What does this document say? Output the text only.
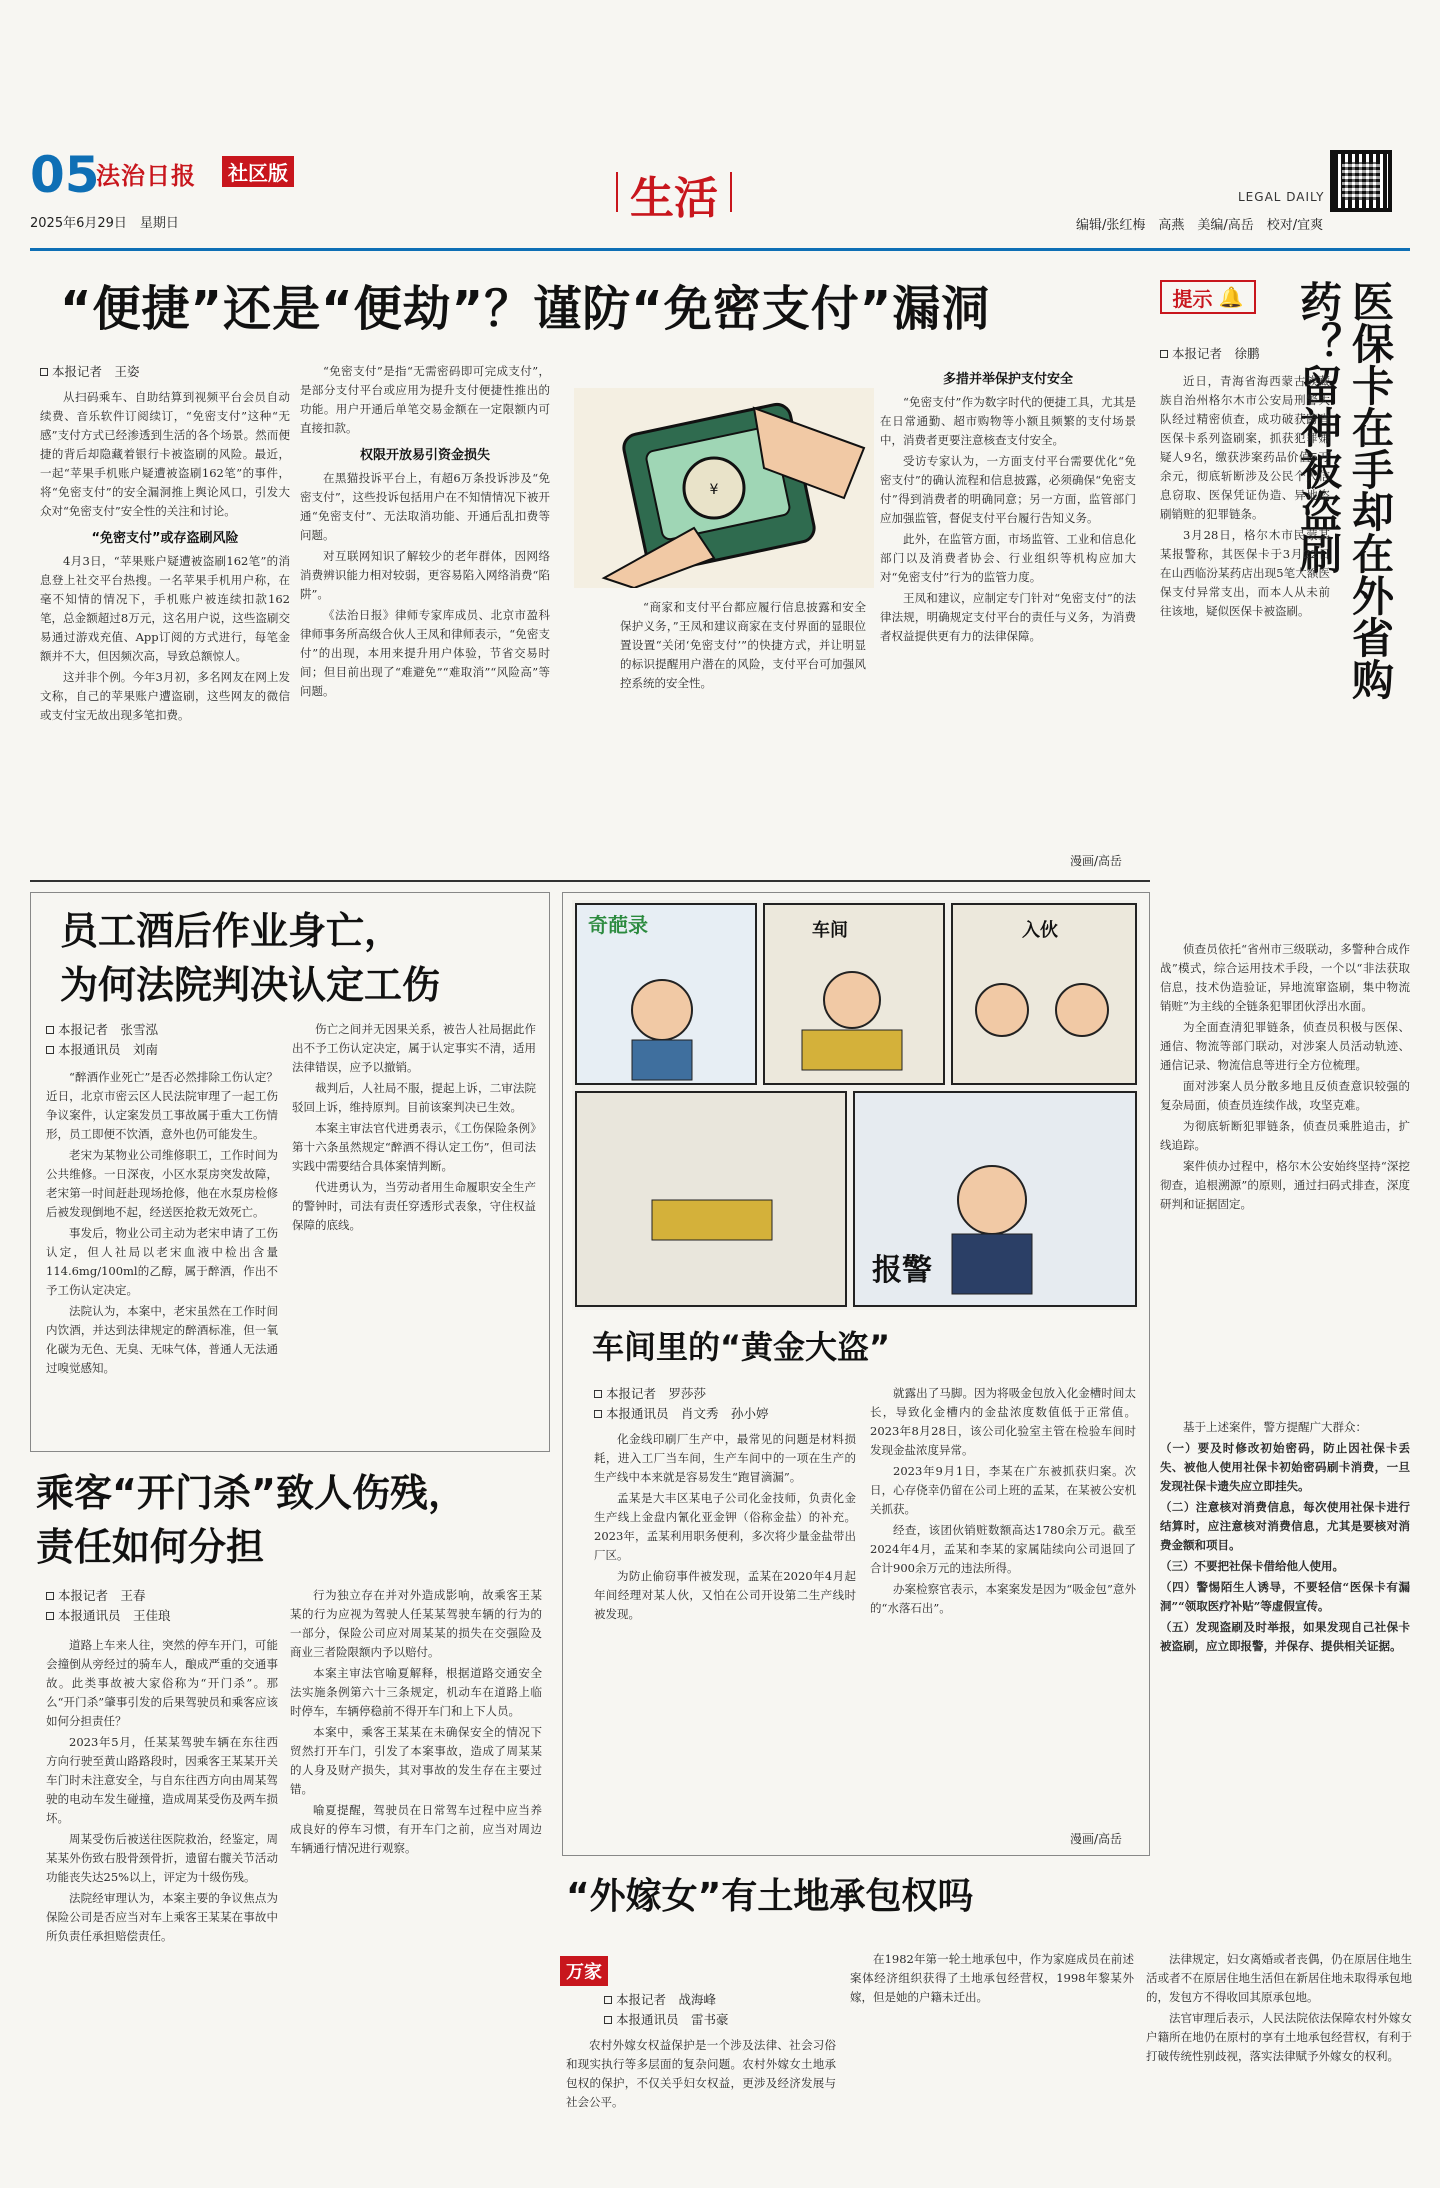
05
法治日报	社区版
2025年6月29日　星期日	生活	LEGAL DAILY
编辑/张红梅　高燕　美编/高岳　校对/宜爽
“便捷”还是“便劫”？谨防“免密支付”漏洞
本报记者　王姿

从扫码乘车、自助结算到视频平台会员自动续费、音乐软件订阅续订，“免密支付”这种“无感”支付方式已经渗透到生活的各个场景。然而便捷的背后却隐藏着银行卡被盗刷的风险。最近，一起“苹果手机账户疑遭被盗刷162笔”的事件，将“免密支付”的安全漏洞推上舆论风口，引发大众对“免密支付”安全性的关注和讨论。

“免密支付”或存盗刷风险

4月3日，“苹果账户疑遭被盗刷162笔”的消息登上社交平台热搜。一名苹果手机用户称，在毫不知情的情况下，手机账户被连续扣款162笔，总金额超过8万元，这名用户说，这些盗刷交易通过游戏充值、App订阅的方式进行，每笔金额并不大，但因频次高，导致总额惊人。

这并非个例。今年3月初，多名网友在网上发文称，自己的苹果账户遭盗刷，这些网友的微信或支付宝无故出现多笔扣费。

“免密支付”是指“无需密码即可完成支付”，是部分支付平台或应用为提升支付便捷性推出的功能。用户开通后单笔交易金额在一定限额内可直接扣款。

权限开放易引资金损失

在黑猫投诉平台上，有超6万条投诉涉及“免密支付”，这些投诉包括用户在不知情情况下被开通“免密支付”、无法取消功能、开通后乱扣费等问题。

对互联网知识了解较少的老年群体，因网络消费辨识能力相对较弱，更容易陷入网络消费“陷阱”。

《法治日报》律师专家库成员、北京市盈科律师事务所高级合伙人王凤和律师表示，“免密支付”的出现，本用来提升用户体验，节省交易时间；但目前出现了“难避免”“难取消”“风险高”等问题。

¥

“商家和支付平台都应履行信息披露和安全保护义务，”王凤和建议商家在支付界面的显眼位置设置“关闭‘免密支付’”的快捷方式，并让明显的标识提醒用户潜在的风险，支付平台可加强风控系统的安全性。

多措并举保护支付安全

“免密支付”作为数字时代的便捷工具，尤其是在日常通勤、超市购物等小额且频繁的支付场景中，消费者更要注意核查支付安全。

受访专家认为，一方面支付平台需要优化“免密支付”的确认流程和信息披露，必须确保“免密支付”得到消费者的明确同意；另一方面，监管部门应加强监管，督促支付平台履行告知义务。

此外，在监管方面，市场监管、工业和信息化部门以及消费者协会、行业组织等机构应加大对“免密支付”行为的监管力度。

王凤和建议，应制定专门针对“免密支付”的法律法规，明确规定支付平台的责任与义务，为消费者权益提供更有力的法律保障。

漫画/高岳
员工酒后作业身亡，
为何法院判决认定工伤
本报记者　张雪泓
本报通讯员　刘南

“醉酒作业死亡”是否必然排除工伤认定？近日，北京市密云区人民法院审理了一起工伤争议案件，认定案发员工事故属于重大工伤情形，员工即便不饮酒，意外也仍可能发生。

老宋为某物业公司维修职工，工作时间为公共维修。一日深夜，小区水泵房突发故障，老宋第一时间赶赴现场抢修，他在水泵房检修后被发现倒地不起，经送医抢救无效死亡。

事发后，物业公司主动为老宋申请了工伤认定，但人社局以老宋血液中检出含量114.6mg/100ml的乙醇，属于醉酒，作出不予工伤认定决定。

法院认为，本案中，老宋虽然在工作时间内饮酒，并达到法律规定的醉酒标准，但一氧化碳为无色、无臭、无味气体，普通人无法通过嗅觉感知。

伤亡之间并无因果关系，被告人社局据此作出不予工伤认定决定，属于认定事实不清，适用法律错误，应予以撤销。

裁判后，人社局不服，提起上诉，二审法院驳回上诉，维持原判。目前该案判决已生效。

本案主审法官代进勇表示，《工伤保险条例》第十六条虽然规定“醉酒不得认定工伤”，但司法实践中需要结合具体案情判断。

代进勇认为，当劳动者用生命履职安全生产的警钟时，司法有责任穿透形式表象，守住权益保障的底线。

乘客“开门杀”致人伤残，
责任如何分担
本报记者　王春
本报通讯员　王佳琅

道路上车来人往，突然的停车开门，可能会撞倒从旁经过的骑车人，酿成严重的交通事故。此类事故被大家俗称为“开门杀”。那么“开门杀”肇事引发的后果驾驶员和乘客应该如何分担责任？

2023年5月，任某某驾驶车辆在东往西方向行驶至黄山路路段时，因乘客王某某开关车门时未注意安全，与自东往西方向由周某驾驶的电动车发生碰撞，造成周某受伤及两车损坏。

周某受伤后被送往医院救治，经鉴定，周某某外伤致右股骨颈骨折，遗留右髋关节活动功能丧失达25%以上，评定为十级伤残。

法院经审理认为，本案主要的争议焦点为保险公司是否应当对车上乘客王某某在事故中所负责任承担赔偿责任。

行为独立存在并对外造成影响，故乘客王某某的行为应视为驾驶人任某某驾驶车辆的行为的一部分，保险公司应对周某某的损失在交强险及商业三者险限额内予以赔付。

本案主审法官喻夏解释，根据道路交通安全法实施条例第六十三条规定，机动车在道路上临时停车，车辆停稳前不得开车门和上下人员。

本案中，乘客王某某在未确保安全的情况下贸然打开车门，引发了本案事故，造成了周某某的人身及财产损失，其对事故的发生存在主要过错。

喻夏提醒，驾驶员在日常驾车过程中应当养成良好的停车习惯，有开车门之前，应当对周边车辆通行情况进行观察。

奇葩录	车间	入伙
报警
车间里的“黄金大盗”
本报记者　罗莎莎
本报通讯员　肖文秀　孙小婷

化金线印刷厂生产中，最常见的问题是材料损耗，进入工厂当车间，生产车间中的一项在生产的生产线中本来就是容易发生“跑冒滴漏”。

孟某是大丰区某电子公司化金技师，负责化金生产线上金盘内氰化亚金钾（俗称金盐）的补充。2023年，孟某利用职务便利，多次将少量金盐带出厂区。

为防止偷窃事件被发现，孟某在2020年4月起年间经理对某人伙，又怕在公司开设第二生产线时被发现。

就露出了马脚。因为将吸金包放入化金槽时间太长，导致化金槽内的金盐浓度数值低于正常值。2023年8月28日，该公司化验室主管在检验车间时发现金盐浓度异常。

2023年9月1日，李某在广东被抓获归案。次日，心存侥幸仍留在公司上班的孟某，在某被公安机关抓获。

经查，该团伙销赃数额高达1780余万元。截至2024年4月，孟某和李某的家属陆续向公司退回了合计900余万元的违法所得。

办案检察官表示，本案案发是因为“吸金包”意外的“水落石出”。

漫画/高岳
“外嫁女”有土地承包权吗
万家
本报记者　战海峰
本报通讯员　雷书豪

农村外嫁女权益保护是一个涉及法律、社会习俗和现实执行等多层面的复杂问题。农村外嫁女土地承包权的保护，不仅关乎妇女权益，更涉及经济发展与社会公平。

在1982年第一轮土地承包中，作为家庭成员在前述案体经济组织获得了土地承包经营权，1998年黎某外嫁，但是她的户籍未迁出。

法律规定，妇女离婚或者丧偶，仍在原居住地生活或者不在原居住地生活但在新居住地未取得承包地的，发包方不得收回其原承包地。

法官审理后表示，人民法院依法保障农村外嫁女户籍所在地仍在原村的享有土地承包经营权，有利于打破传统性别歧视，落实法律赋予外嫁女的权利。

提示 🔔 医保卡在手却在外省购药？留神被盗刷
本报记者　徐鹏

近日，青海省海西蒙古族藏族自治州格尔木市公安局刑警大队经过精密侦查，成功破获跨省医保卡系列盗刷案，抓获犯罪嫌疑人9名，缴获涉案药品价值5万余元，彻底斩断涉及公民个人信息窃取、医保凭证伪造、异地盗刷销赃的犯罪链条。

3月28日，格尔木市民蒙某某报警称，其医保卡于3月22日在山西临汾某药店出现5笔大额医保支付异常支出，而本人从未前往该地，疑似医保卡被盗刷。

侦查员依托“省州市三级联动，多警种合成作战”模式，综合运用技术手段，一个以“非法获取信息，技术伪造验证，异地流窜盗刷，集中物流销赃”为主线的全链条犯罪团伙浮出水面。

为全面查清犯罪链条，侦查员积极与医保、通信、物流等部门联动，对涉案人员活动轨迹、通信记录、物流信息等进行全方位梳理。

面对涉案人员分散多地且反侦查意识较强的复杂局面，侦查员连续作战，攻坚克难。

为彻底斩断犯罪链条，侦查员乘胜追击，扩线追踪。

案件侦办过程中，格尔木公安始终坚持“深挖彻查，追根溯源”的原则，通过扫码式排查，深度研判和证据固定。

基于上述案件，警方提醒广大群众：

（一）要及时修改初始密码，防止因社保卡丢失、被他人使用社保卡初始密码刷卡消费，一旦发现社保卡遗失应立即挂失。

（二）注意核对消费信息，每次使用社保卡进行结算时，应注意核对消费信息，尤其是要核对消费金额和项目。

（三）不要把社保卡借给他人使用。

（四）警惕陌生人诱导，不要轻信“医保卡有漏洞”“领取医疗补贴”等虚假宣传。

（五）发现盗刷及时举报，如果发现自己社保卡被盗刷，应立即报警，并保存、提供相关证据。
